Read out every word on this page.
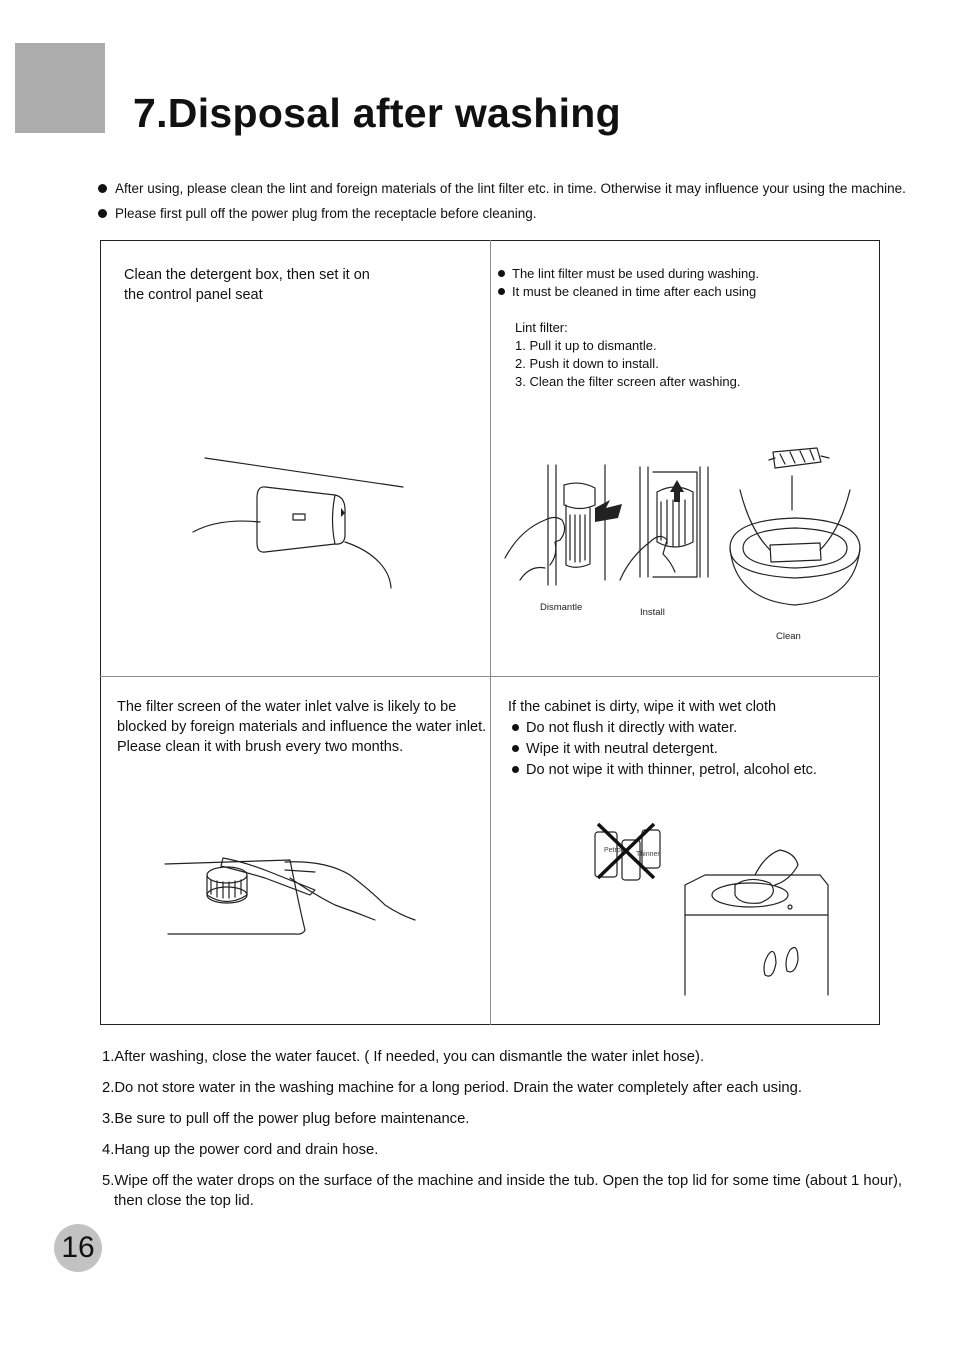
7.Disposal after washing
After using, please clean the lint and foreign materials of the lint filter etc. in time. Otherwise it may influence your using the machine.
Please first pull off the power plug from the receptacle before cleaning.

Clean the detergent box, then set it on

the control panel seat

The lint filter must be used during washing.

It must be cleaned in time after each using

Lint filter:

1. Pull it up to dismantle.

2. Push it down to install.

3. Clean the filter screen after washing.

Dismantle	Install
Clean

The filter screen of the water inlet valve is likely to be

blocked by foreign materials and influence the water inlet.

Please clean it with brush every two months.

If the cabinet is dirty, wipe it with wet cloth

Do not flush it directly with water.

Wipe it with neutral detergent.

Do not wipe it with thinner, petrol, alcohol etc.

Petrol
Thinner

1.After washing, close the water faucet. ( If needed, you can dismantle the water inlet hose).

2.Do not store water in the washing machine for a long period. Drain the water completely after each using.

3.Be sure to pull off the power plug before maintenance.

4.Hang up the power cord and drain hose.

5.Wipe off the water drops on the surface of the machine and inside the tub. Open the top lid for some time (about 1 hour),

then close the top lid.

16
